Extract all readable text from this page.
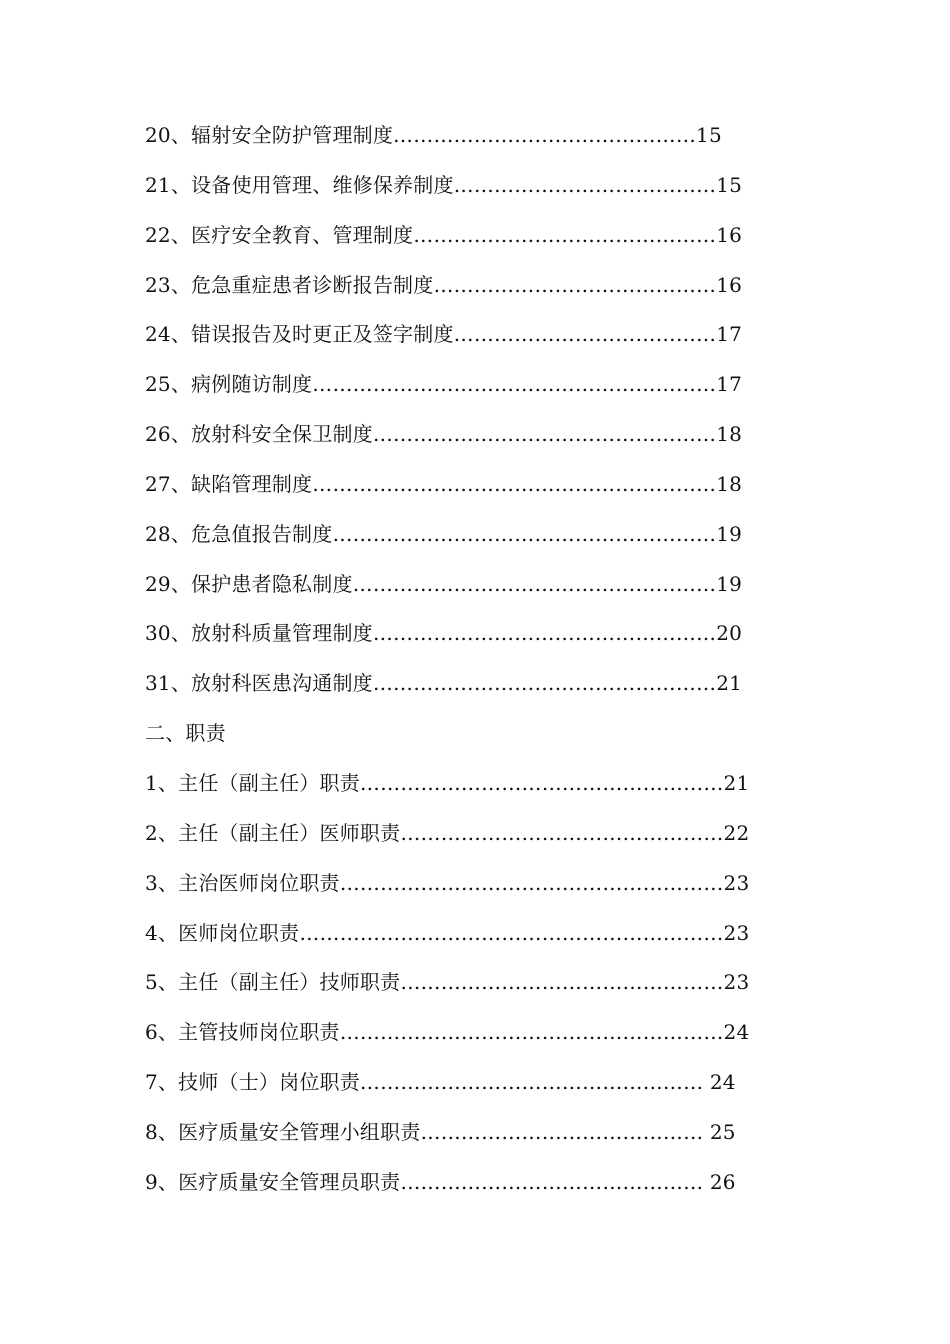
20、辐射安全防护管理制度………………………………………15
21、设备使用管理、维修保养制度…………………………………15
22、医疗安全教育、管理制度………………………………………16
23、危急重症患者诊断报告制度……………………………………16
24、错误报告及时更正及签字制度…………………………………17
25、病例随访制度……………………………………………………17
26、放射科安全保卫制度……………………………………………18
27、缺陷管理制度……………………………………………………18
28、危急值报告制度…………………………………………………19
29、保护患者隐私制度………………………………………………19
30、放射科质量管理制度……………………………………………20
31、放射科医患沟通制度……………………………………………21
二、职责
1、主任（副主任）职责………………………………………………21
2、主任（副主任）医师职责…………………………………………22
3、主治医师岗位职责…………………………………………………23
4、医师岗位职责………………………………………………………23
5、主任（副主任）技师职责…………………………………………23
6、主管技师岗位职责…………………………………………………24
7、技师（士）岗位职责…………………………………………… 24
8、医疗质量安全管理小组职责…………………………………… 25
9、医疗质量安全管理员职责……………………………………… 26
